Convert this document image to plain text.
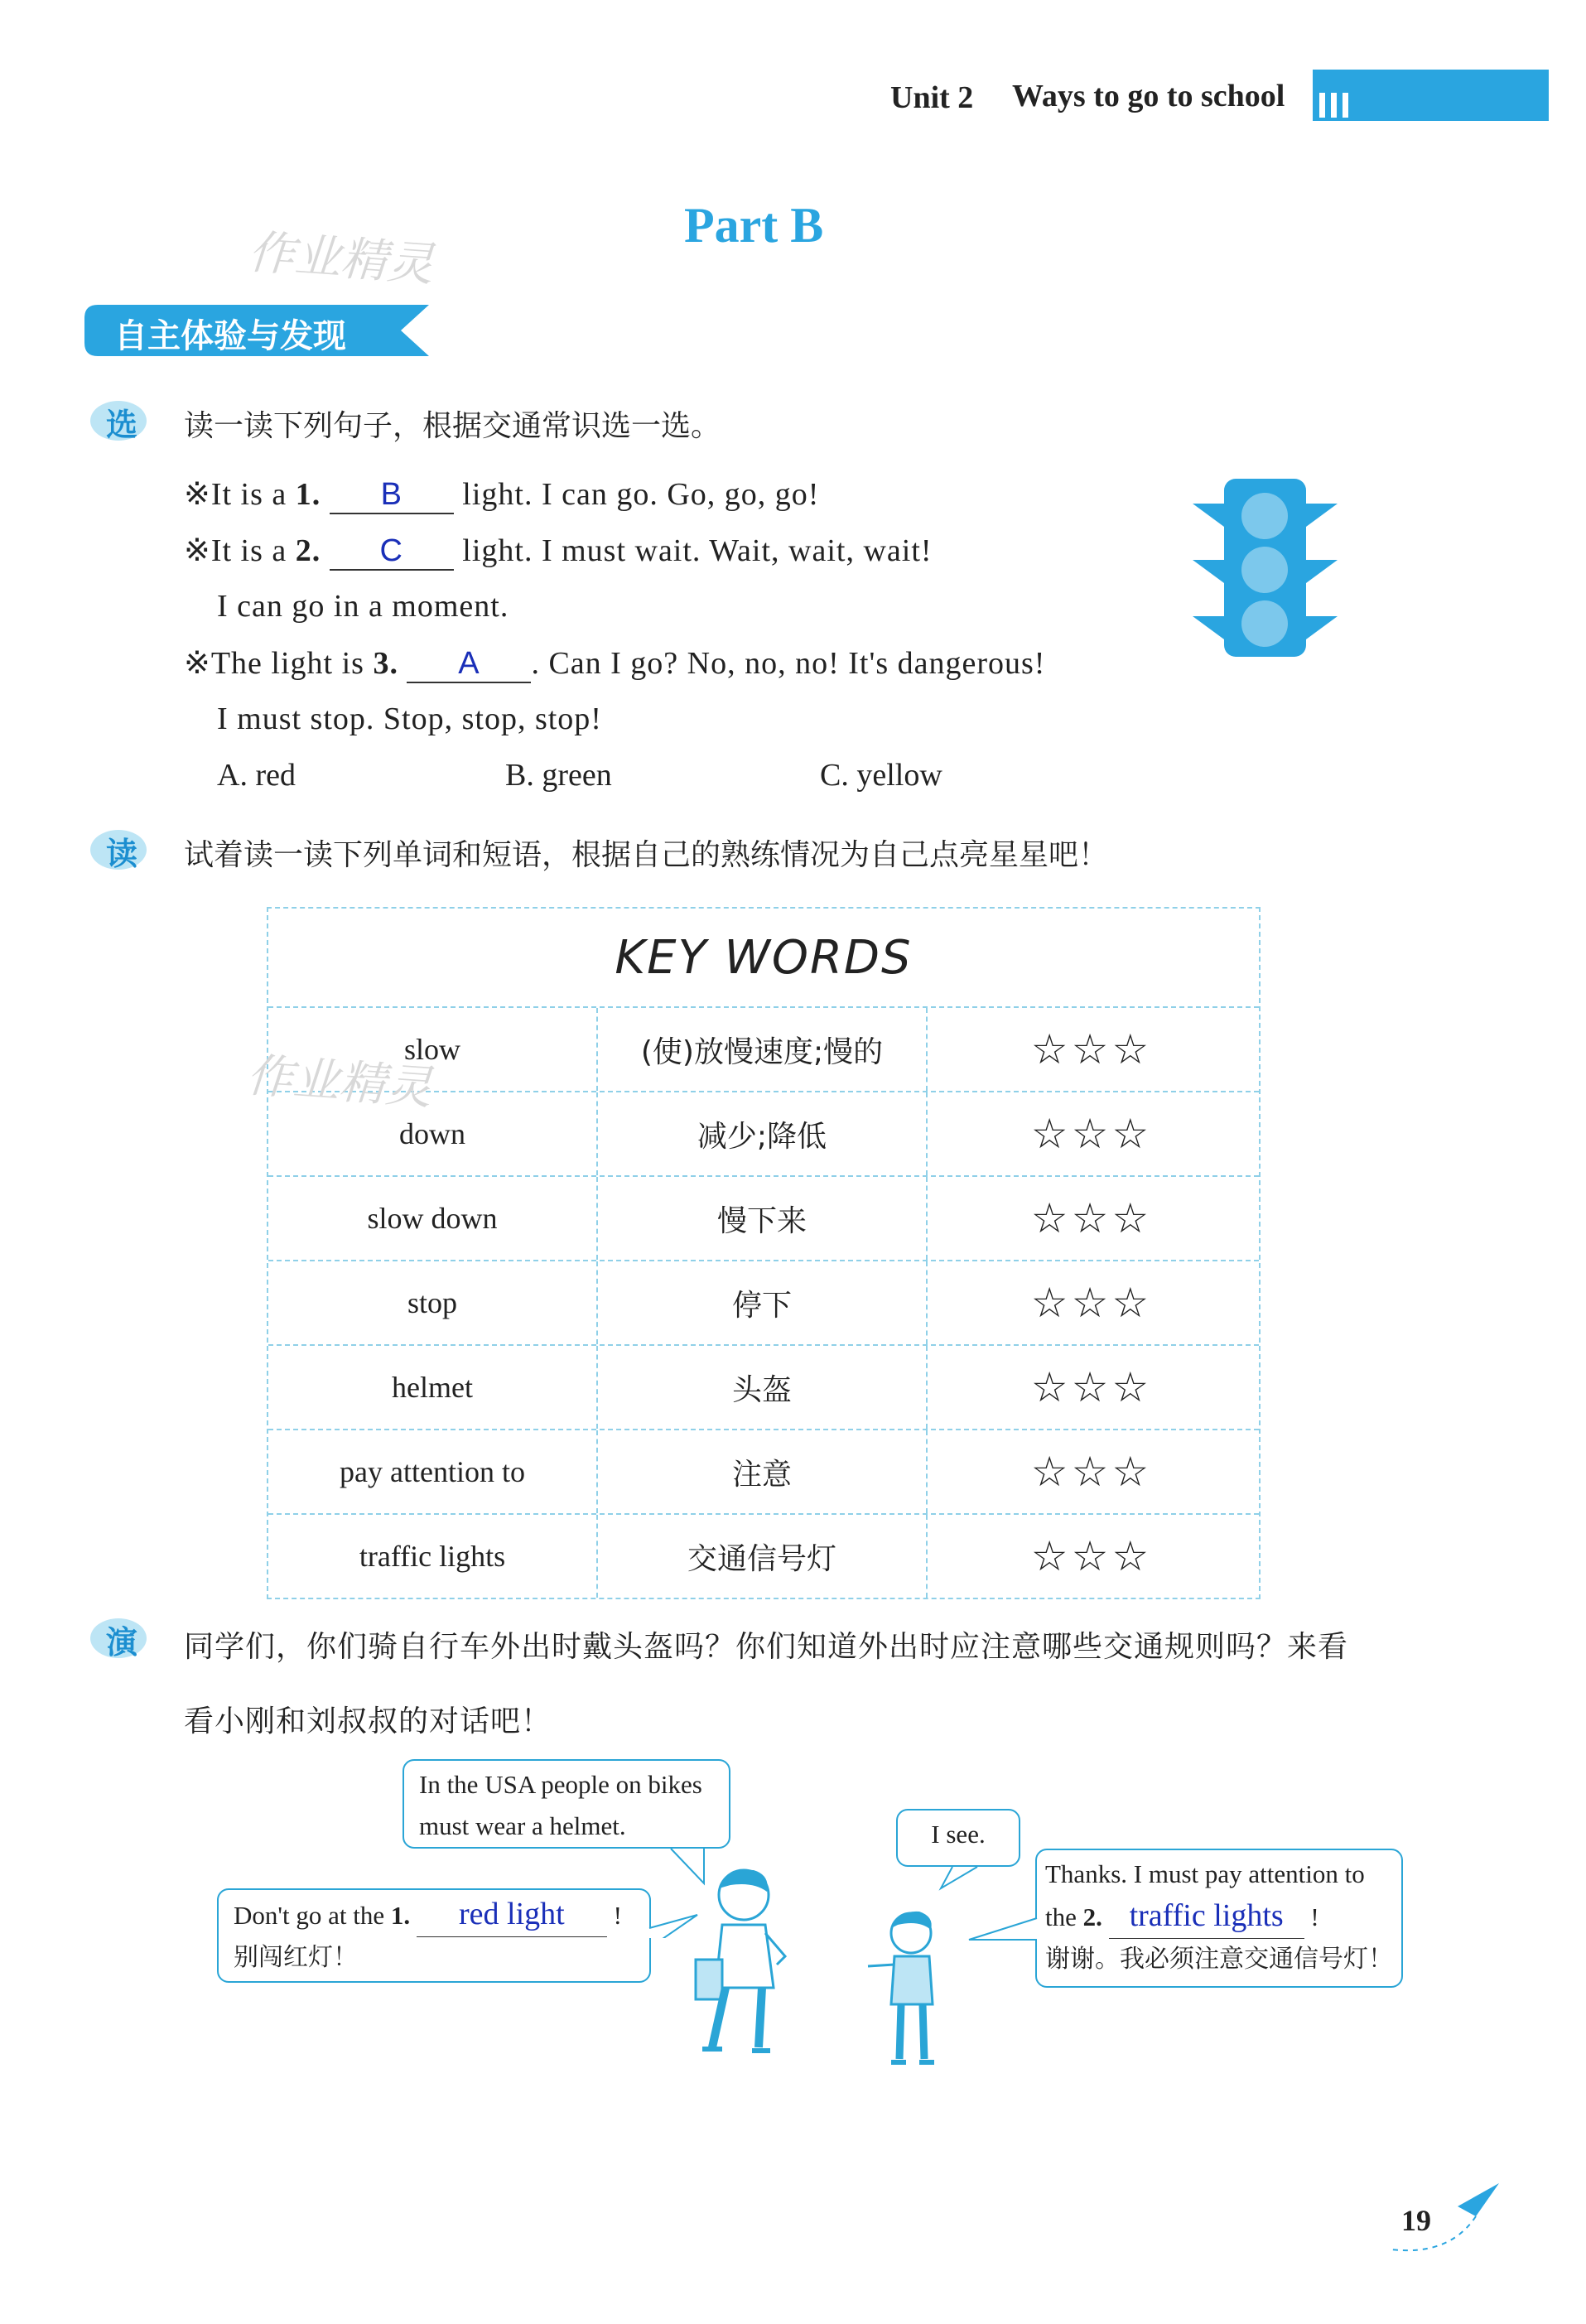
Unit 2 Ways to go to school
Part B
作业精灵
自主体验与发现
选 读一读下列句子，根据交通常识选一选。
※It is a 1. B light. I can go. Go, go, go!
※It is a 2. C light. I must wait. Wait, wait, wait!
I can go in a moment.
※The light is 3. A . Can I go? No, no, no! It's dangerous!
I must stop. Stop, stop, stop!
A. red	B. green	C. yellow
读 试着读一读下列单词和短语，根据自己的熟练情况为自己点亮星星吧！
KEY WORDS
slow	(使)放慢速度;慢的	☆☆☆
down	减少;降低	☆☆☆
slow down	慢下来	☆☆☆
stop	停下	☆☆☆
helmet	头盔	☆☆☆
pay attention to	注意	☆☆☆
traffic lights	交通信号灯	☆☆☆
作业精灵
演 同学们，你们骑自行车外出时戴头盔吗？你们知道外出时应注意哪些交通规则吗？来看
看小刚和刘叔叔的对话吧！
In the USA people on bikes
must wear a helmet.
Don't go at the 1. red light !
别闯红灯！
I see.
Thanks. I must pay attention to
the 2. traffic lights !
谢谢。我必须注意交通信号灯！
19
